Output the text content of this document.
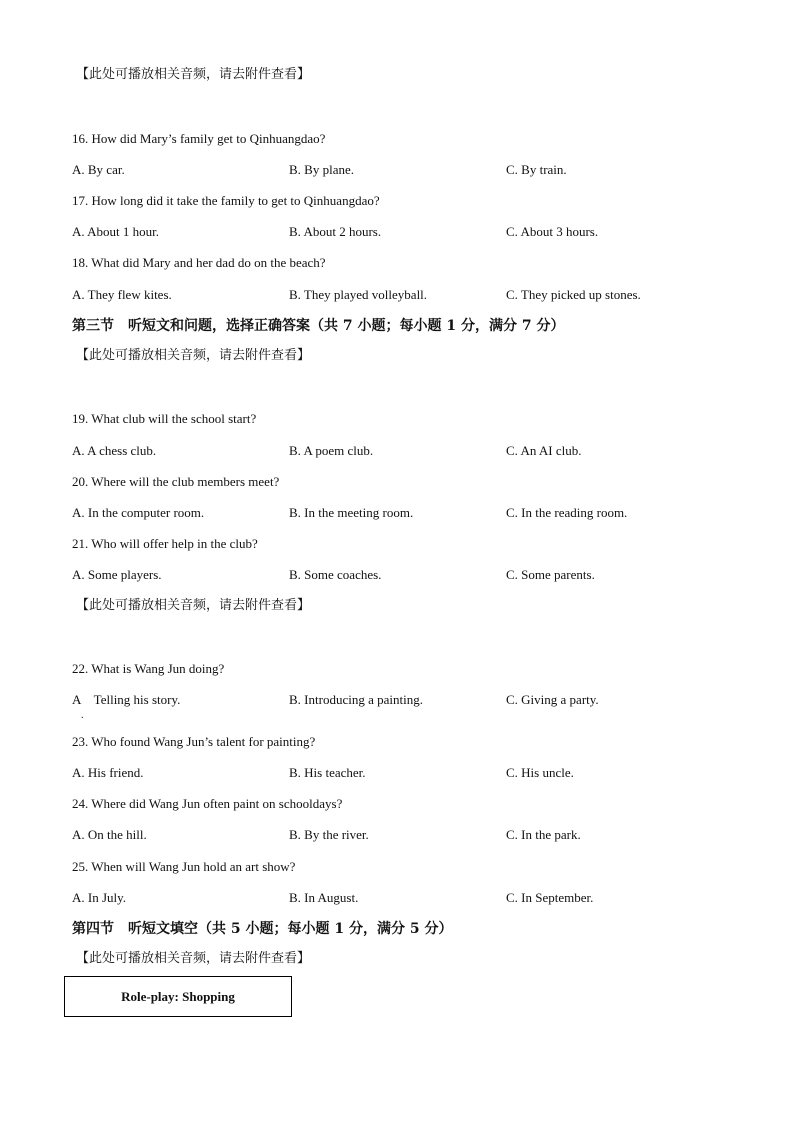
【此处可播放相关音频，请去附件查看】
16. How did Mary’s family get to Qinhuangdao?
A. By car.	B. By plane.	C. By train.
17. How long did it take the family to get to Qinhuangdao?
A. About 1 hour.	B. About 2 hours.	C. About 3 hours.
18. What did Mary and her dad do on the beach?
A. They flew kites.	B. They played volleyball.	C. They picked up stones.
第三节　听短文和问题，选择正确答案（共 7 小题；每小题 1 分，满分 7 分）
【此处可播放相关音频，请去附件查看】
19. What club will the school start?
A. A chess club.	B. A poem club.	C. An AI club.
20. Where will the club members meet?
A. In the computer room.	B. In the meeting room.	C. In the reading room.
21. Who will offer help in the club?
A. Some players.	B. Some coaches.	C. Some parents.
【此处可播放相关音频，请去附件查看】
22. What is Wang Jun doing?
A　Telling his story.
.
B. Introducing a painting.	C. Giving a party.
23. Who found Wang Jun’s talent for painting?
A. His friend.	B. His teacher.	C. His uncle.
24. Where did Wang Jun often paint on schooldays?
A. On the hill.	B. By the river.	C. In the park.
25. When will Wang Jun hold an art show?
A. In July.	B. In August.	C. In September.
第四节　听短文填空（共 5 小题；每小题 1 分，满分 5 分）
【此处可播放相关音频，请去附件查看】
Role-play: Shopping
